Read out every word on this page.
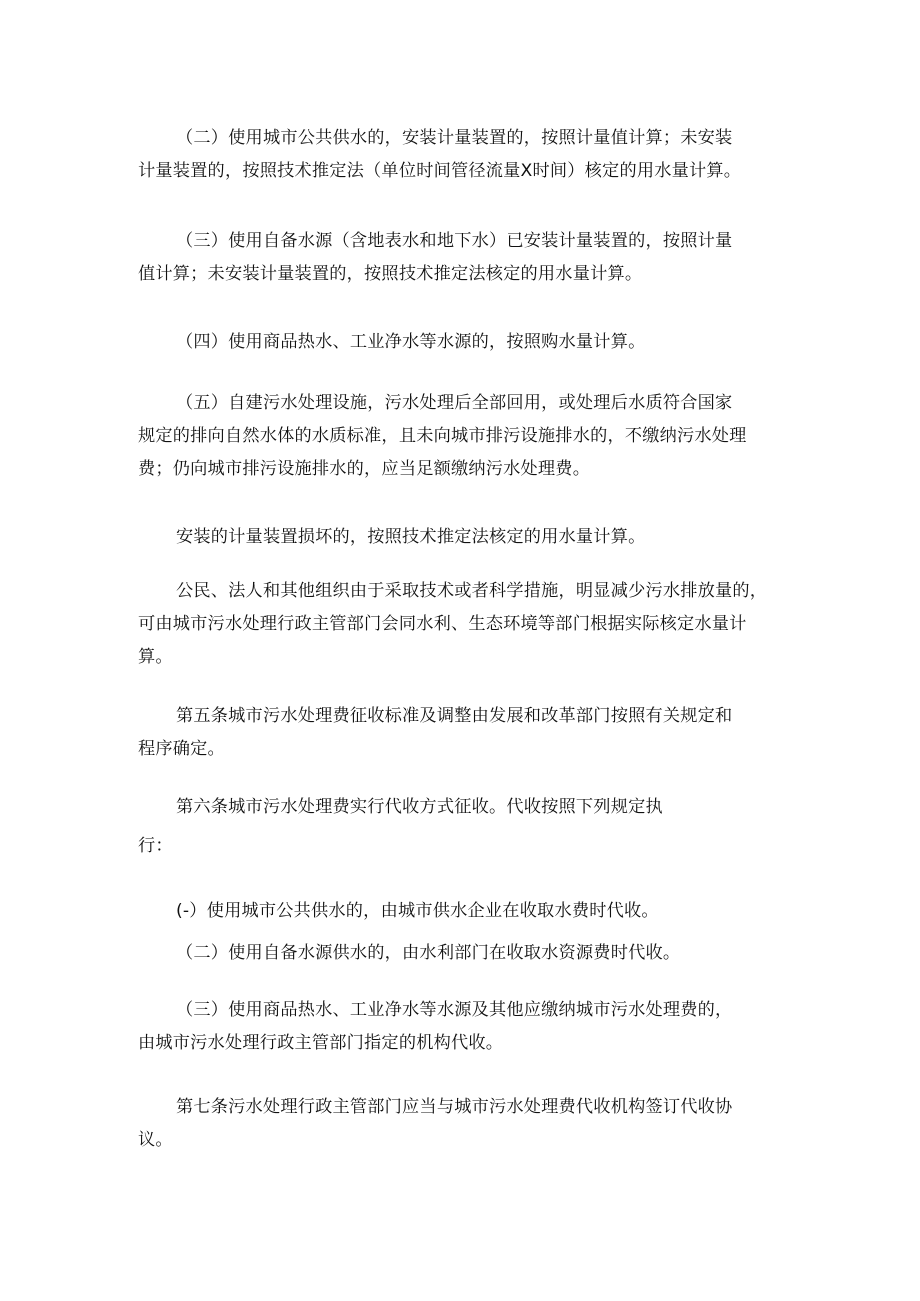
（二）使用城市公共供水的，安装计量装置的，按照计量值计算；未安装
计量装置的，按照技术推定法（单位时间管径流量X时间）核定的用水量计算。
（三）使用自备水源（含地表水和地下水）已安装计量装置的，按照计量
值计算；未安装计量装置的，按照技术推定法核定的用水量计算。
（四）使用商品热水、工业净水等水源的，按照购水量计算。
（五）自建污水处理设施，污水处理后全部回用，或处理后水质符合国家
规定的排向自然水体的水质标准，且未向城市排污设施排水的，不缴纳污水处理
费；仍向城市排污设施排水的，应当足额缴纳污水处理费。
安装的计量装置损坏的，按照技术推定法核定的用水量计算。
公民、法人和其他组织由于采取技术或者科学措施，明显减少污水排放量的，
可由城市污水处理行政主管部门会同水利、生态环境等部门根据实际核定水量计
算。
第五条城市污水处理费征收标准及调整由发展和改革部门按照有关规定和
程序确定。
第六条城市污水处理费实行代收方式征收。代收按照下列规定执
行：
(-）使用城市公共供水的，由城市供水企业在收取水费时代收。
（二）使用自备水源供水的，由水利部门在收取水资源费时代收。
（三）使用商品热水、工业净水等水源及其他应缴纳城市污水处理费的，
由城市污水处理行政主管部门指定的机构代收。
第七条污水处理行政主管部门应当与城市污水处理费代收机构签订代收协
议。
